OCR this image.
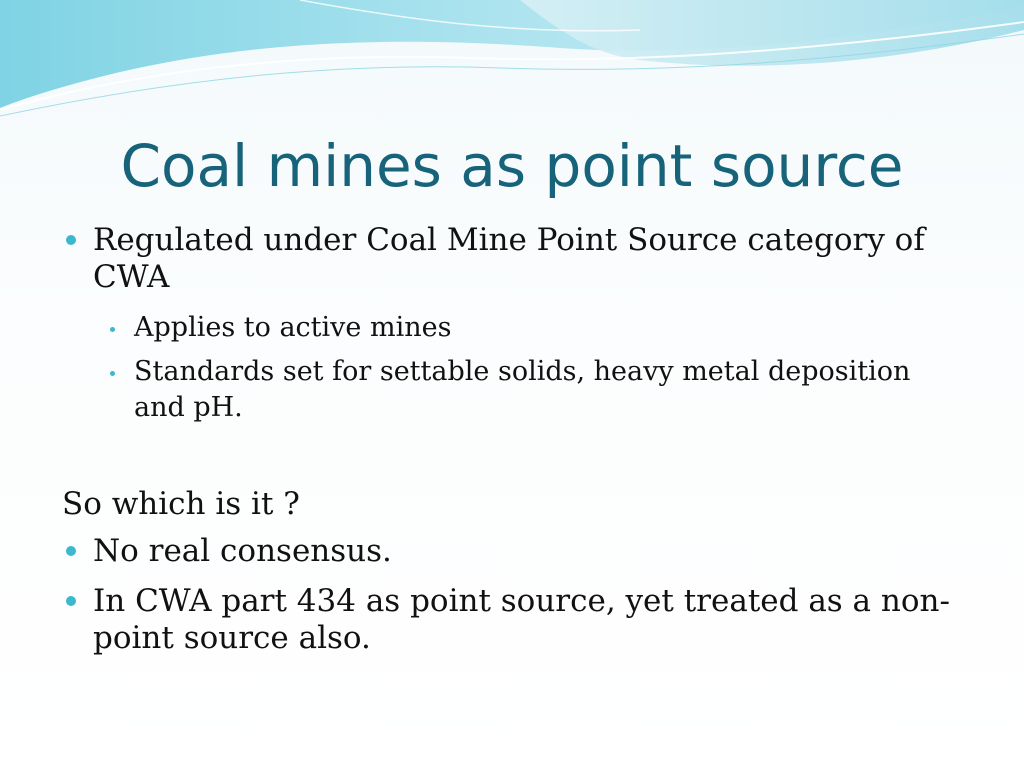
Coal mines as point source
Regulated under Coal Mine Point Source category of CWA
Applies to active mines
Standards set for settable solids, heavy metal deposition and pH.
So which is it ?
No real consensus.
In CWA part 434 as point source, yet treated as a non-point source also.
